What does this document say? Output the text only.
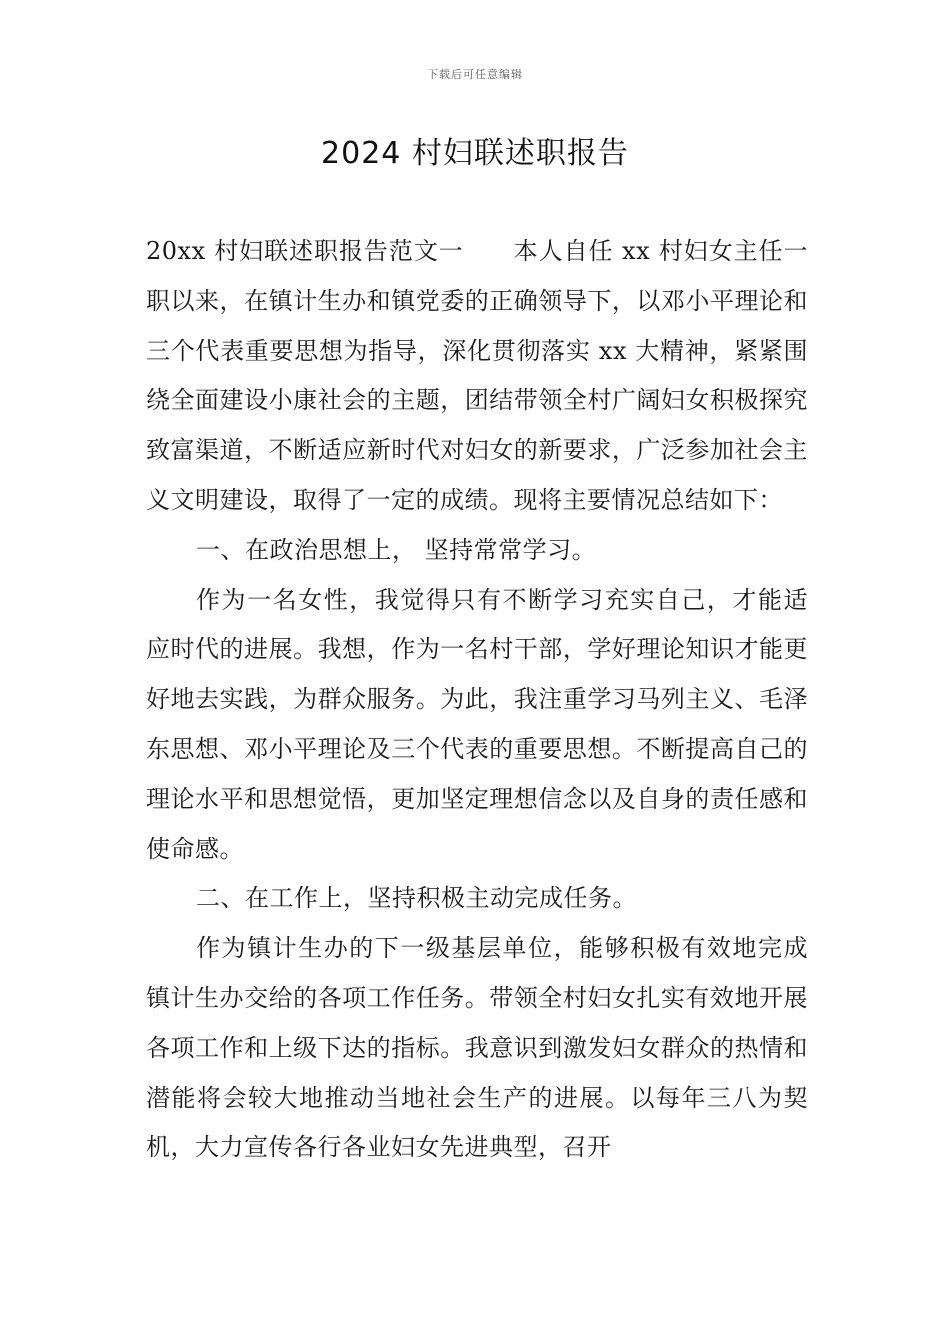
下载后可任意编辑
2024 村妇联述职报告

20xx 村妇联述职报告范文一　　本人自任 xx 村妇女主任一职以来，在镇计生办和镇党委的正确领导下，以邓小平理论和三个代表重要思想为指导，深化贯彻落实 xx 大精神，紧紧围绕全面建设小康社会的主题，团结带领全村广阔妇女积极探究致富渠道，不断适应新时代对妇女的新要求，广泛参加社会主义文明建设，取得了一定的成绩。现将主要情况总结如下：

一、在政治思想上， 坚持常常学习。

作为一名女性，我觉得只有不断学习充实自己，才能适应时代的进展。我想，作为一名村干部，学好理论知识才能更好地去实践，为群众服务。为此，我注重学习马列主义、毛泽东思想、邓小平理论及三个代表的重要思想。不断提高自己的理论水平和思想觉悟，更加坚定理想信念以及自身的责任感和使命感。

二、在工作上，坚持积极主动完成任务。

作为镇计生办的下一级基层单位，能够积极有效地完成镇计生办交给的各项工作任务。带领全村妇女扎实有效地开展各项工作和上级下达的指标。我意识到激发妇女群众的热情和潜能将会较大地推动当地社会生产的进展。以每年三八为契机，大力宣传各行各业妇女先进典型，召开
